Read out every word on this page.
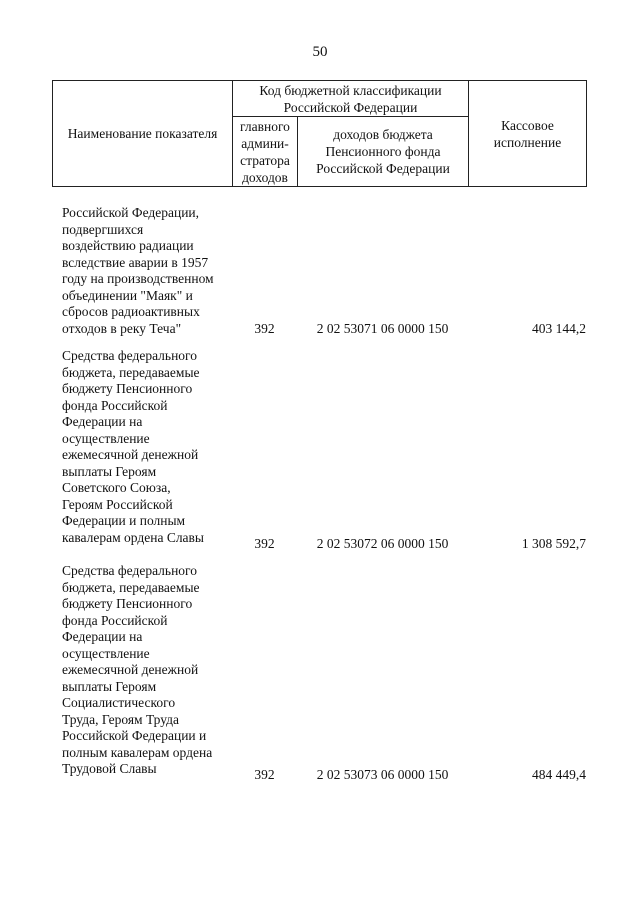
50
Наименование показателя	Код бюджетной классификации Российской Федерации		Кассовое исполнение
	главного админи-стратора доходов	доходов бюджета Пенсионного фонда Российской Федерации	
Российской Федерации,
подвергшихся
воздействию радиации
вследствие аварии в 1957
году на производственном
объединении "Маяк" и
сбросов радиоактивных
отходов в реку Теча"	392	2 02 53071 06 0000 150	403 144,2
Средства федерального
бюджета, передаваемые
бюджету Пенсионного
фонда Российской
Федерации на
осуществление
ежемесячной денежной
выплаты Героям
Советского Союза,
Героям Российской
Федерации и полным
кавалерам ордена Славы	392	2 02 53072 06 0000 150	1 308 592,7
Средства федерального
бюджета, передаваемые
бюджету Пенсионного
фонда Российской
Федерации на
осуществление
ежемесячной денежной
выплаты Героям
Социалистического
Труда, Героям Труда
Российской Федерации и
полным кавалерам ордена
Трудовой Славы	392	2 02 53073 06 0000 150	484 449,4
